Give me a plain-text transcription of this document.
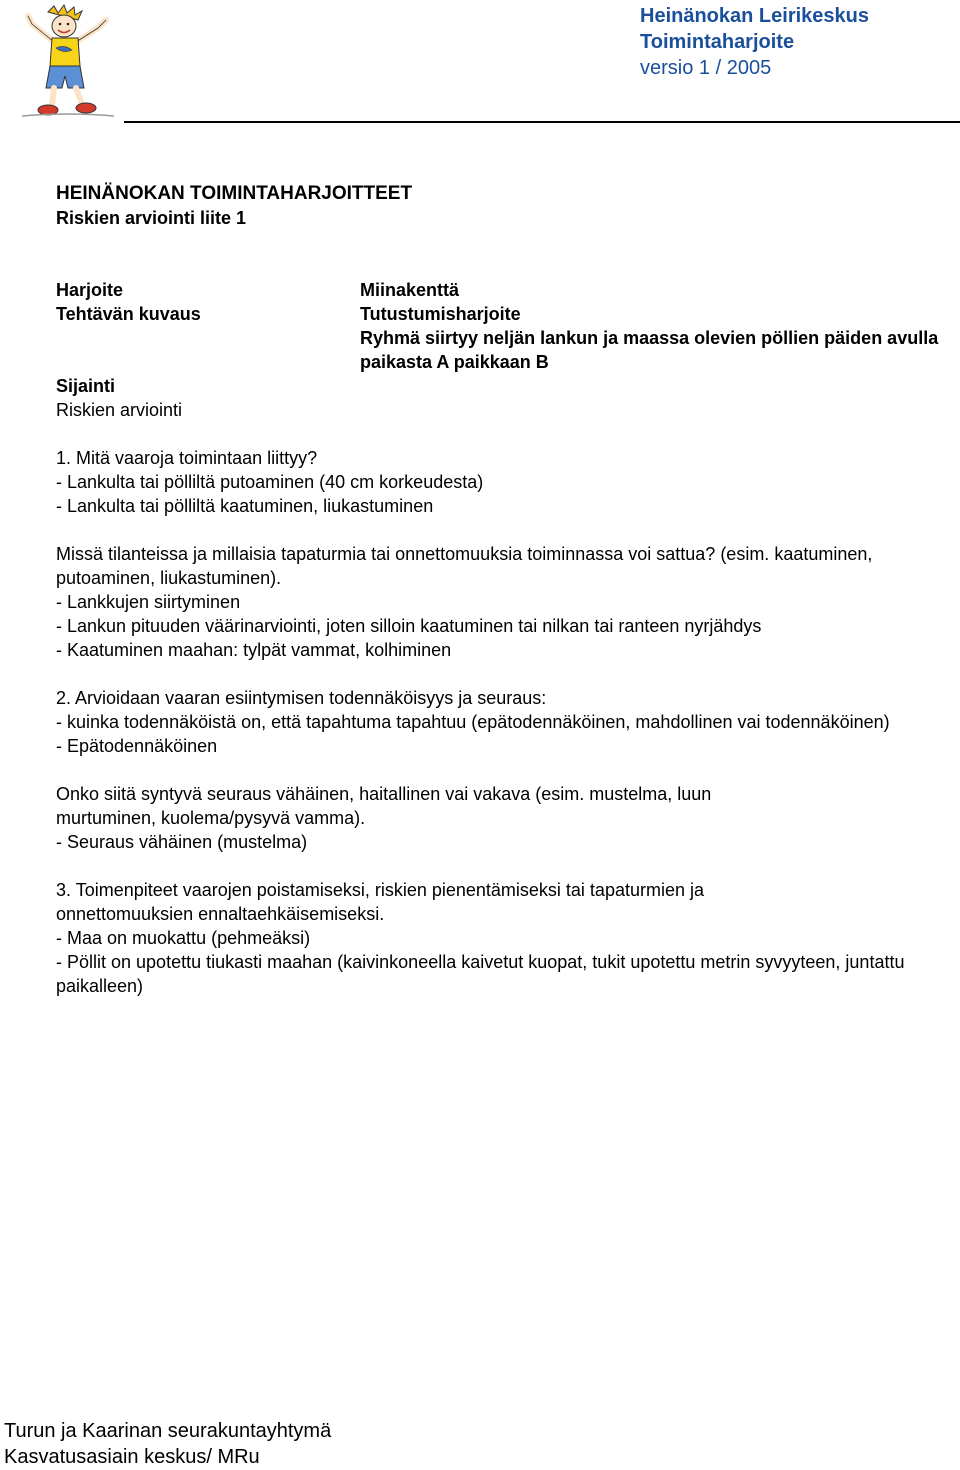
Heinänokan Leirikeskus
Toimintaharjoite
versio 1 / 2005
HEINÄNOKAN TOIMINTAHARJOITTEET
Riskien arviointi liite 1
Harjoite	Miinakenttä
Tehtävän kuvaus	Tutustumisharjoite
Ryhmä siirtyy neljän lankun ja maassa olevien pöllien päiden avulla paikasta A paikkaan B
Sijainti
Riskien arviointi

1. Mitä vaaroja toimintaan liittyy?

- Lankulta tai pölliltä putoaminen (40 cm korkeudesta)

- Lankulta tai pölliltä kaatuminen, liukastuminen

Missä tilanteissa ja millaisia tapaturmia tai onnettomuuksia toiminnassa voi sattua? (esim. kaatuminen, putoaminen, liukastuminen).

- Lankkujen siirtyminen

- Lankun pituuden väärinarviointi, joten silloin kaatuminen tai nilkan tai ranteen nyrjähdys

- Kaatuminen maahan: tylpät vammat, kolhiminen

2. Arvioidaan vaaran esiintymisen todennäköisyys ja seuraus:

- kuinka todennäköistä on, että tapahtuma tapahtuu (epätodennäköinen, mahdollinen vai todennäköinen)

- Epätodennäköinen

Onko siitä syntyvä seuraus vähäinen, haitallinen vai vakava (esim. mustelma, luun murtuminen, kuolema/pysyvä vamma).

- Seuraus vähäinen (mustelma)

3. Toimenpiteet vaarojen poistamiseksi, riskien pienentämiseksi tai tapaturmien ja onnettomuuksien ennaltaehkäisemiseksi.

- Maa on muokattu (pehmeäksi)

- Pöllit on upotettu tiukasti maahan (kaivinkoneella kaivetut kuopat, tukit upotettu metrin syvyyteen, juntattu paikalleen)

Turun ja Kaarinan seurakuntayhtymä
Kasvatusasiain keskus/ MRu
